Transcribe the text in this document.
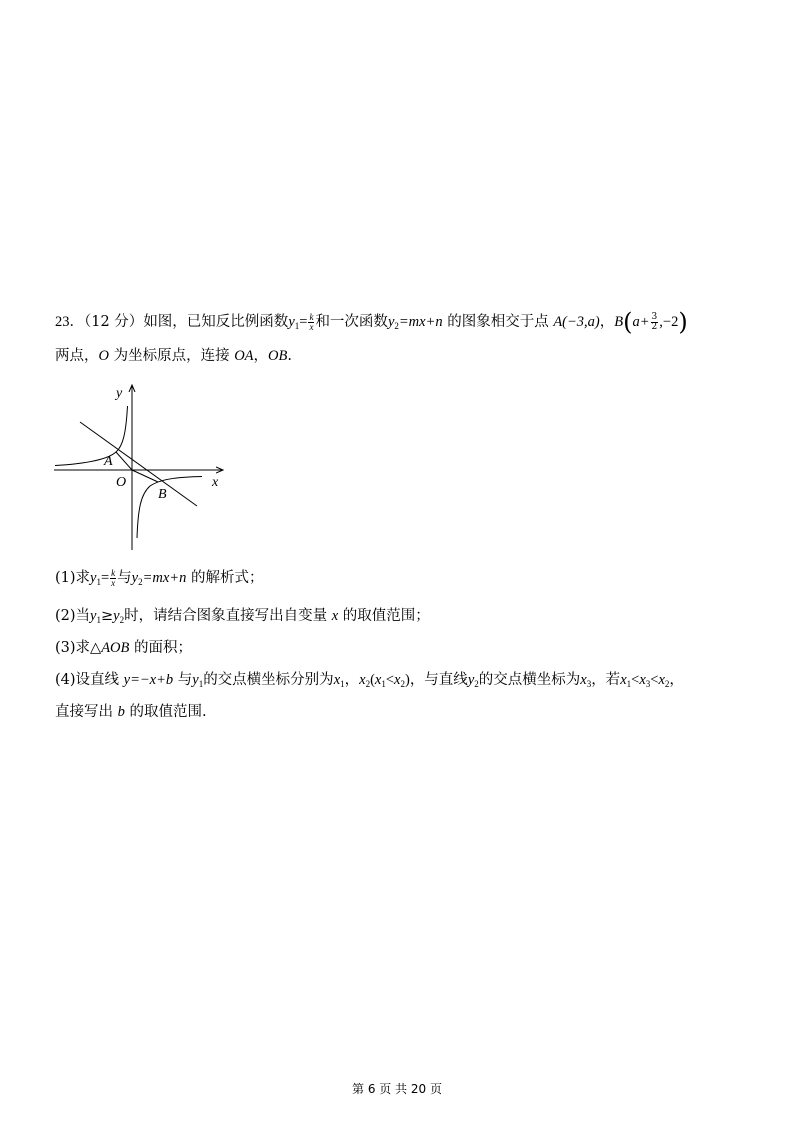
23．（12 分）如图，已知反比例函数$y_1= \frac{k}{x}$ 和一次函数$y_2=mx+n$ 的图象相交于点 A(−3,a)，$B(a+ \frac{3}{2} ,-2)$
两点，O 为坐标原点，连接 OA，OB.
y
x
A
O
B
(1)求$y_1= \frac{k}{x}$ 与$y_2=mx+n$ 的解析式；
(2)当$y_1\ge y_2$时，请结合图象直接写出自变量 x 的取值范围；
(3)求△AOB 的面积；
(4)设直线 y=−x+b 与$y_1$的交点横坐标分别为$x_1$，$x_2(x_1<x_2)$，与直线$y_2$的交点横坐标为$x_3$，若$x_1<x_3<x_2$，
直接写出 b 的取值范围.
第 6 页 共 20 页
